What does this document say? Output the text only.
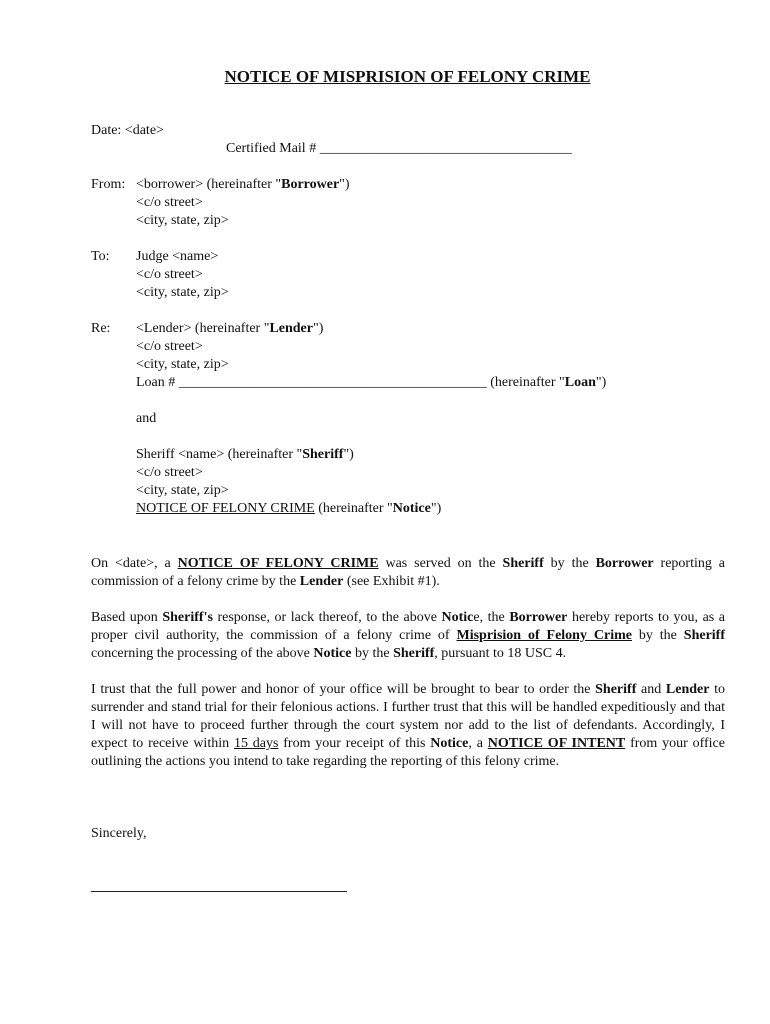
NOTICE OF MISPRISION OF FELONY CRIME
Date: <date>
Certified Mail # ____________________________________
From: <borrower> (hereinafter "Borrower")
<c/o street>
<city, state, zip>
To: Judge <name>
<c/o street>
<city, state, zip>
Re: <Lender> (hereinafter "Lender")
<c/o street>
<city, state, zip>
Loan # ____________________________________________ (hereinafter "Loan")
and
Sheriff <name> (hereinafter "Sheriff")
<c/o street>
<city, state, zip>
NOTICE OF FELONY CRIME (hereinafter "Notice")
On <date>, a NOTICE OF FELONY CRIME was served on the Sheriff by the Borrower reporting a commission of a felony crime by the Lender (see Exhibit #1).
Based upon Sheriff's response, or lack thereof, to the above Notice, the Borrower hereby reports to you, as a proper civil authority, the commission of a felony crime of Misprision of Felony Crime by the Sheriff concerning the processing of the above Notice by the Sheriff, pursuant to 18 USC 4.
I trust that the full power and honor of your office will be brought to bear to order the Sheriff and Lender to surrender and stand trial for their felonious actions. I further trust that this will be handled expeditiously and that I will not have to proceed further through the court system nor add to the list of defendants. Accordingly, I expect to receive within 15 days from your receipt of this Notice, a NOTICE OF INTENT from your office outlining the actions you intend to take regarding the reporting of this felony crime.
Sincerely,
